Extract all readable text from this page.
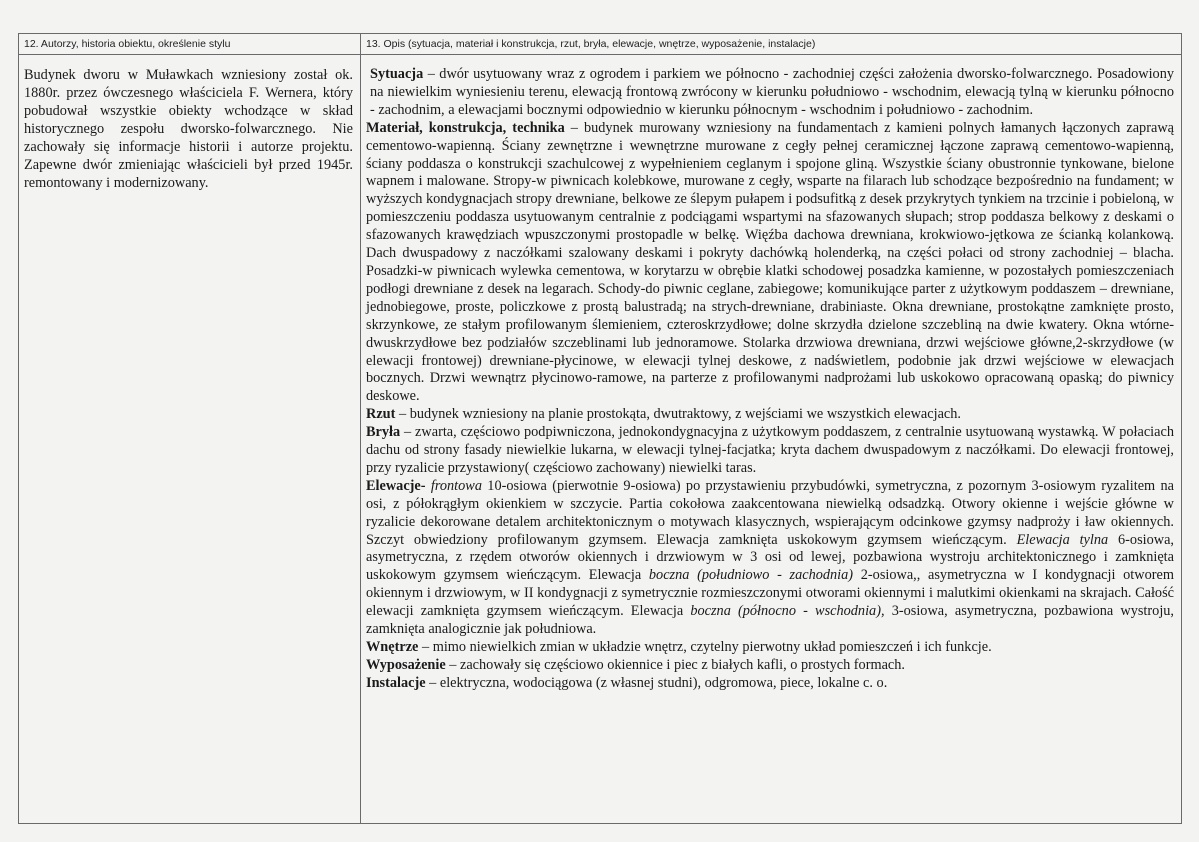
12. Autorzy, historia obiektu, określenie stylu	13. Opis (sytuacja, materiał i konstrukcja, rzut, bryła, elewacje, wnętrze, wyposażenie, instalacje)
Budynek dworu w Muławkach wzniesiony został ok. 1880r. przez ówczesnego właściciela F. Wernera, który pobudował wszystkie obiekty wchodzące w skład historycznego zespołu dworsko-folwarcznego. Nie zachowały się informacje historii i autorze projektu. Zapewne dwór zmieniając właścicieli był przed 1945r. remontowany i modernizowany.

Sytuacja – dwór usytuowany wraz z ogrodem i parkiem we północno - zachodniej części założenia dworsko-folwarcznego. Posadowiony na niewielkim wyniesieniu terenu, elewacją frontową zwrócony w kierunku południowo - wschodnim, elewacją tylną w kierunku północno - zachodnim, a elewacjami bocznymi odpowiednio w kierunku północnym - wschodnim i południowo - zachodnim.

Materiał, konstrukcja, technika – budynek murowany wzniesiony na fundamentach z kamieni polnych łamanych łączonych zaprawą cementowo-wapienną. Ściany zewnętrzne i wewnętrzne murowane z cegły pełnej ceramicznej łączone zaprawą cementowo-wapienną, ściany poddasza o konstrukcji szachulcowej z wypełnieniem ceglanym i spojone gliną. Wszystkie ściany obustronnie tynkowane, bielone wapnem i malowane. Stropy-w piwnicach kolebkowe, murowane z cegły, wsparte na filarach lub schodzące bezpośrednio na fundament; w wyższych kondygnacjach stropy drewniane, belkowe ze ślepym pułapem i podsufitką z desek przykrytych tynkiem na trzcinie i pobieloną, w pomieszczeniu poddasza usytuowanym centralnie z podciągami wspartymi na sfazowanych słupach; strop poddasza belkowy z deskami o sfazowanych krawędziach wpuszczonymi prostopadle w belkę. Więźba dachowa drewniana, krokwiowo-jętkowa ze ścianką kolankową. Dach dwuspadowy z naczółkami szalowany deskami i pokryty dachówką holenderką, na części połaci od strony zachodniej – blacha. Posadzki-w piwnicach wylewka cementowa, w korytarzu w obrębie klatki schodowej posadzka kamienne, w pozostałych pomieszczeniach podłogi drewniane z desek na legarach. Schody-do piwnic ceglane, zabiegowe; komunikujące parter z użytkowym poddaszem – drewniane, jednobiegowe, proste, policzkowe z prostą balustradą; na strych-drewniane, drabiniaste. Okna drewniane, prostokątne zamknięte prosto, skrzynkowe, ze stałym profilowanym ślemieniem, czteroskrzydłowe; dolne skrzydła dzielone szczebliną na dwie kwatery. Okna wtórne-dwuskrzydłowe bez podziałów szczeblinami lub jednoramowe. Stolarka drzwiowa drewniana, drzwi wejściowe główne,2-skrzydłowe (w elewacji frontowej) drewniane-płycinowe, w elewacji tylnej deskowe, z nadświetlem, podobnie jak drzwi wejściowe w elewacjach bocznych. Drzwi wewnątrz płycinowo-ramowe, na parterze z profilowanymi nadprożami lub uskokowo opracowaną opaską; do piwnicy deskowe.

Rzut – budynek wzniesiony na planie prostokąta, dwutraktowy, z wejściami we wszystkich elewacjach.

Bryła – zwarta, częściowo podpiwniczona, jednokondygnacyjna z użytkowym poddaszem, z centralnie usytuowaną wystawką. W połaciach dachu od strony fasady niewielkie lukarna, w elewacji tylnej-facjatka; kryta dachem dwuspadowym z naczółkami. Do elewacji frontowej, przy ryzalicie przystawiony( częściowo zachowany) niewielki taras.

Elewacje- frontowa 10-osiowa (pierwotnie 9-osiowa) po przystawieniu przybudówki, symetryczna, z pozornym 3-osiowym ryzalitem na osi, z półokrągłym okienkiem w szczycie. Partia cokołowa zaakcentowana niewielką odsadzką. Otwory okienne i wejście główne w ryzalicie dekorowane detalem architektonicznym o motywach klasycznych, wspierającym odcinkowe gzymsy nadproży i ław okiennych. Szczyt obwiedziony profilowanym gzymsem. Elewacja zamknięta uskokowym gzymsem wieńczącym. Elewacja tylna 6-osiowa, asymetryczna, z rzędem otworów okiennych i drzwiowym w 3 osi od lewej, pozbawiona wystroju architektonicznego i zamknięta uskokowym gzymsem wieńczącym. Elewacja boczna (południowo - zachodnia) 2-osiowa,, asymetryczna w I kondygnacji otworem okiennym i drzwiowym, w II kondygnacji z symetrycznie rozmieszczonymi otworami okiennymi i malutkimi okienkami na skrajach. Całość elewacji zamknięta gzymsem wieńczącym. Elewacja boczna (północno - wschodnia), 3-osiowa, asymetryczna, pozbawiona wystroju, zamknięta analogicznie jak południowa.

Wnętrze – mimo niewielkich zmian w układzie wnętrz, czytelny pierwotny układ pomieszczeń i ich funkcje.

Wyposażenie – zachowały się częściowo okiennice i piec z białych kafli, o prostych formach.

Instalacje – elektryczna, wodociągowa (z własnej studni), odgromowa, piece, lokalne c. o.
